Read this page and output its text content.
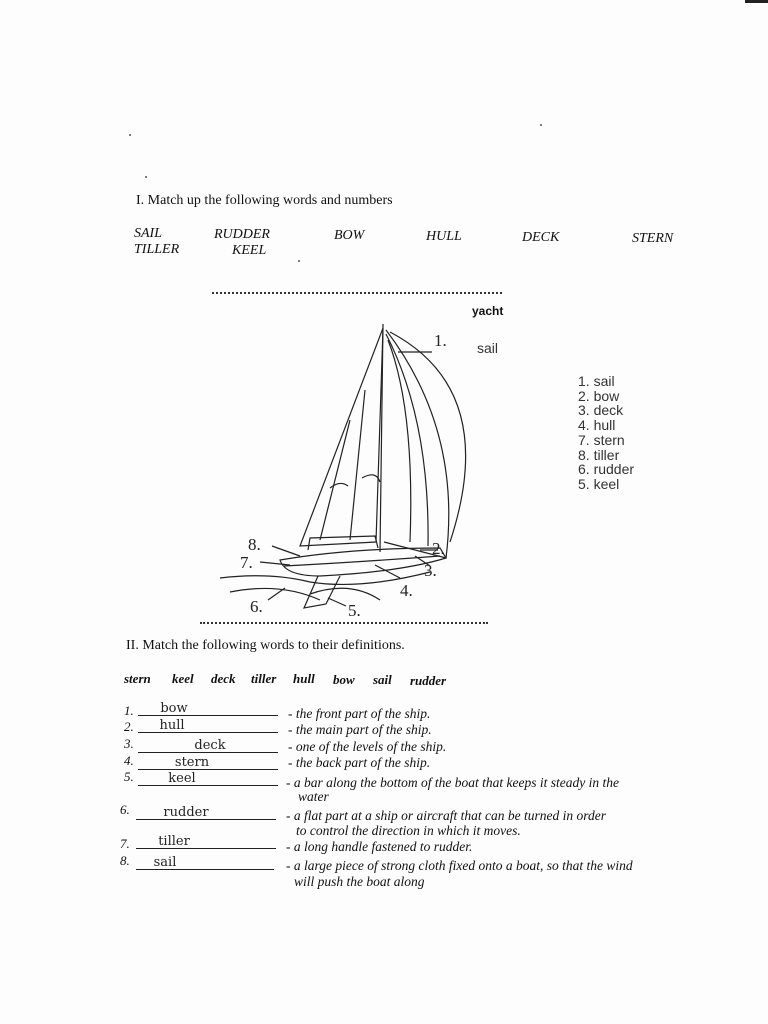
I. Match up the following words and numbers
SAIL	RUDDER	BOW	HULL	DECK	STERN
TILLER	KEEL
yacht
sail
1.
2.
3.
4.
5.
6.
7.
8.
1. sail
2. bow
3. deck
4. hull
7. stern
8. tiller
6. rudder
5. keel
II. Match the following words to their definitions.
stern keel deck tiller hull bow sail rudder
1.	bow	- the front part of the ship.
2.	hull	- the main part of the ship.
3.	deck	- one of the levels of the ship.
4.	stern	- the back part of the ship.
5.	keel	- a bar along the bottom of the boat that keeps it steady in the
water
6.	rudder	- a flat part at a ship or aircraft that can be turned in order
to control the direction in which it moves.
7.	tiller	- a long handle fastened to rudder.
8.	sail	- a large piece of strong cloth fixed onto a boat, so that the wind
will push the boat along
